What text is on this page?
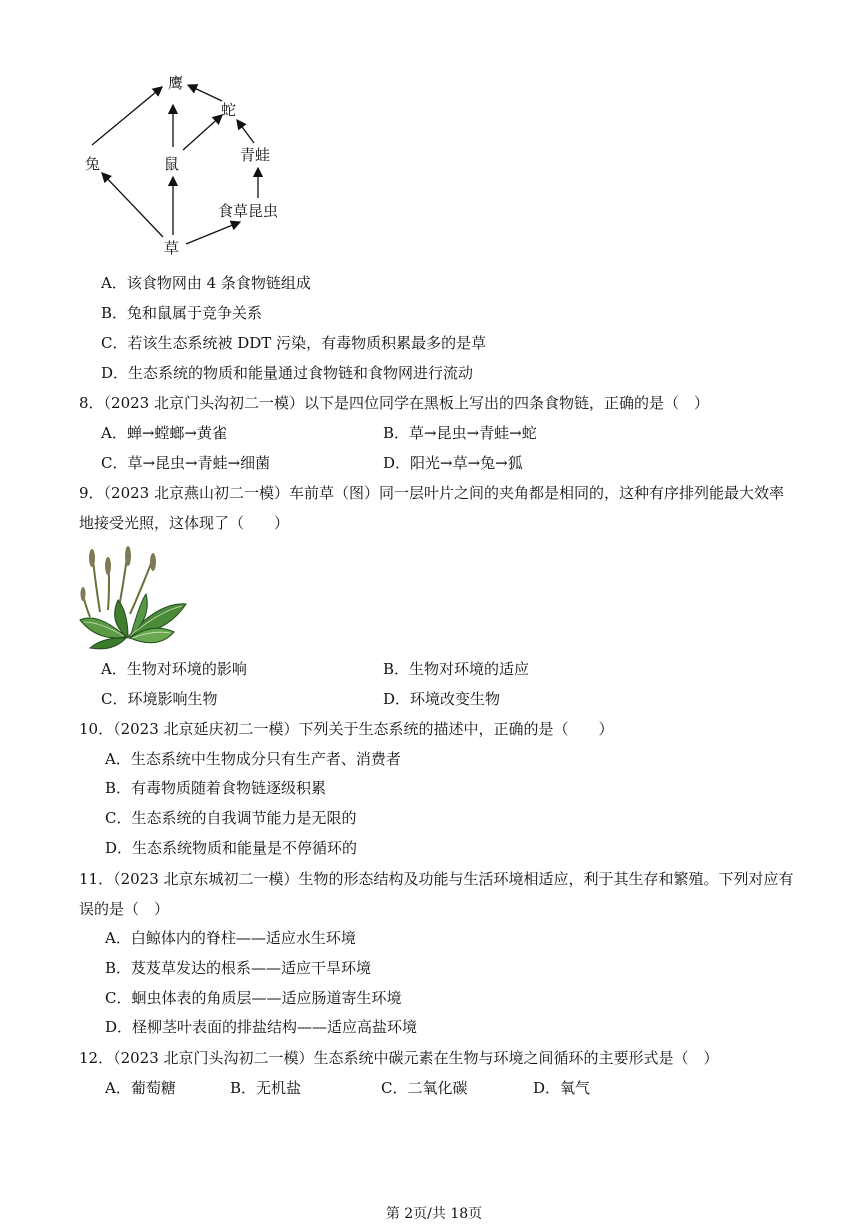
鹰
蛇
兔	鼠	青蛙
食草昆虫
草
A．该食物网由 4 条食物链组成
B．兔和鼠属于竞争关系
C．若该生态系统被 DDT 污染，有毒物质积累最多的是草
D．生态系统的物质和能量通过食物链和食物网进行流动
8．（2023 北京门头沟初二一模）以下是四位同学在黑板上写出的四条食物链，正确的是（　）
A．蝉→螳螂→黄雀	B．草→昆虫→青蛙→蛇
C．草→昆虫→青蛙→细菌	D．阳光→草→兔→狐
9．（2023 北京燕山初二一模）车前草（图）同一层叶片之间的夹角都是相同的，这种有序排列能最大效率
地接受光照，这体现了（　　）
A．生物对环境的影响	B．生物对环境的适应
C．环境影响生物	D．环境改变生物
10．（2023 北京延庆初二一模）下列关于生态系统的描述中，正确的是（　　）
A．生态系统中生物成分只有生产者、消费者
B．有毒物质随着食物链逐级积累
C．生态系统的自我调节能力是无限的
D．生态系统物质和能量是不停循环的
11．（2023 北京东城初二一模）生物的形态结构及功能与生活环境相适应，利于其生存和繁殖。下列对应有
误的是（　）
A．白鲸体内的脊柱——适应水生环境
B．芨芨草发达的根系——适应干旱环境
C．蛔虫体表的角质层——适应肠道寄生环境
D．柽柳茎叶表面的排盐结构——适应高盐环境
12．（2023 北京门头沟初二一模）生态系统中碳元素在生物与环境之间循环的主要形式是（　）
A．葡萄糖	B．无机盐	C．二氧化碳	D．氧气
第 2页/共 18页
